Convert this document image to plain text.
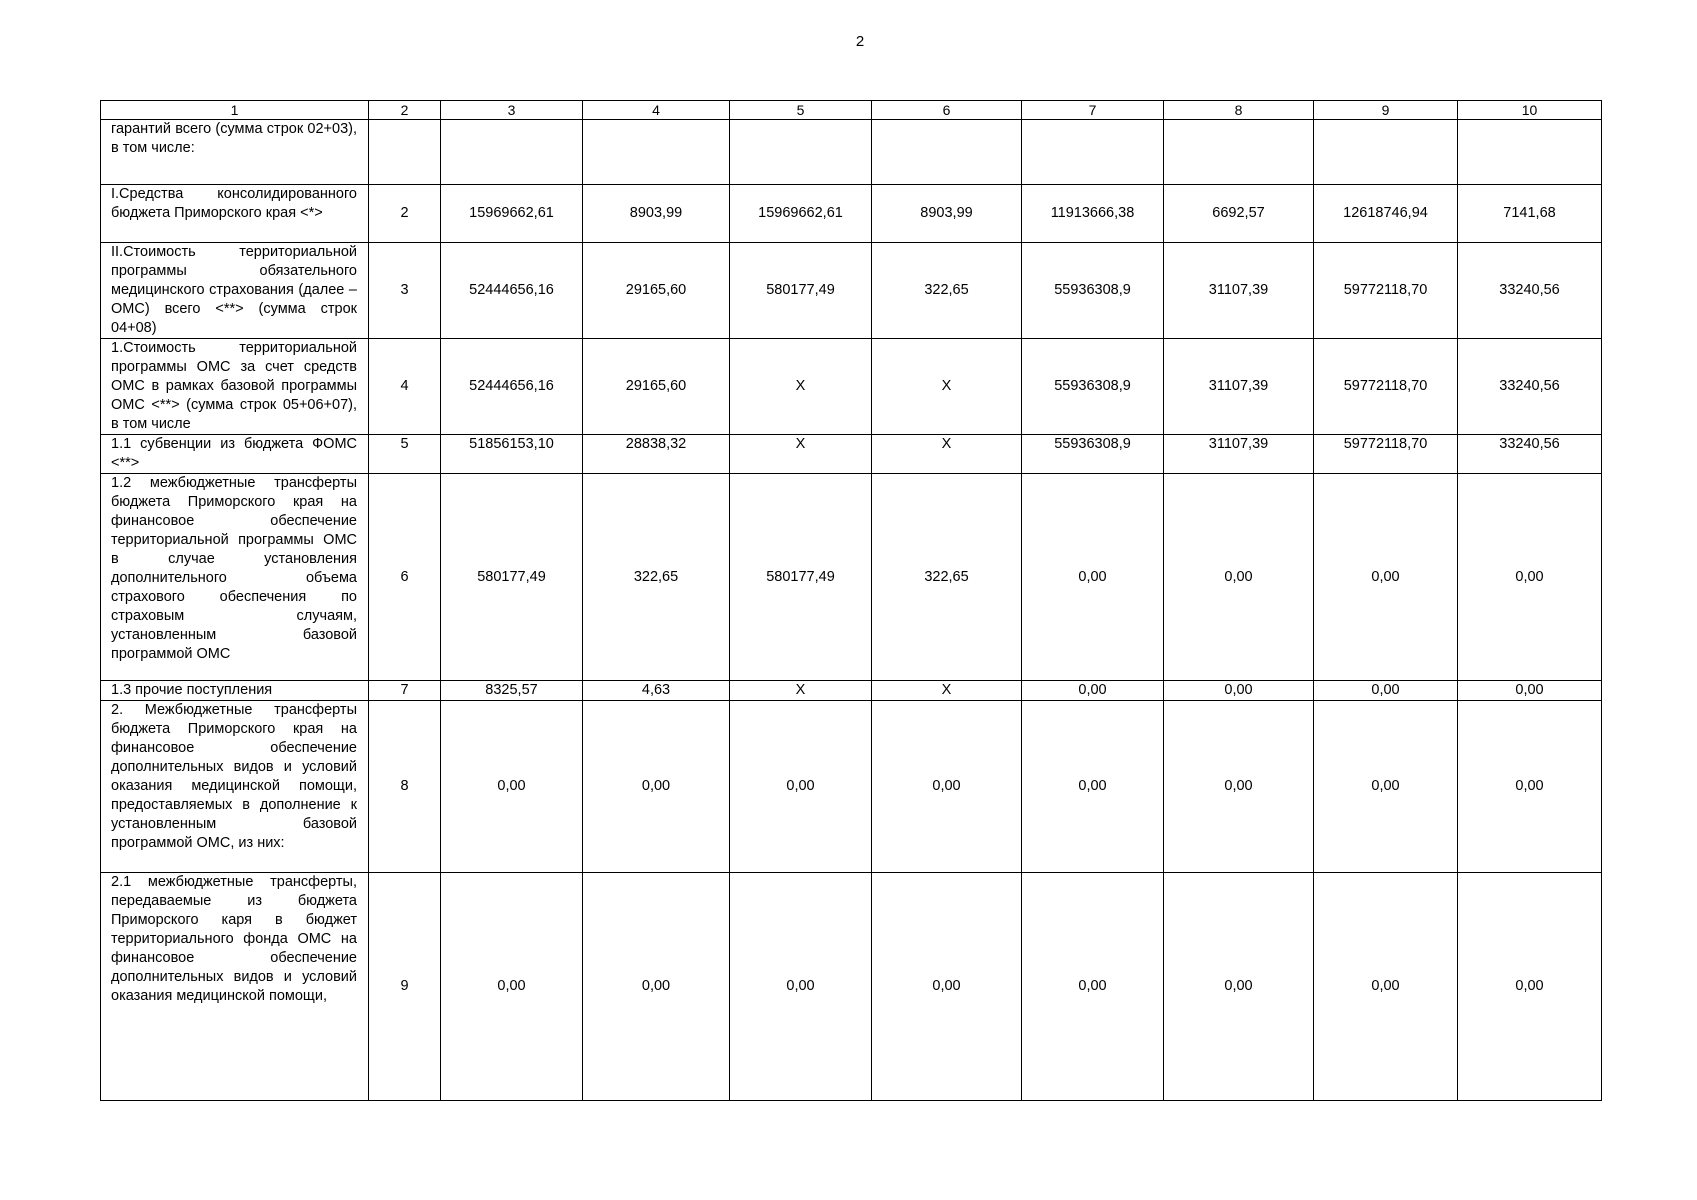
2
1	2	3	4	5	6	7	8	9	10
гарантий всего (сумма строк 02+03), в том числе:									
I.Средства консолидированного бюджета Приморского края <*>	2	15969662,61	8903,99	15969662,61	8903,99	11913666,38	6692,57	12618746,94	7141,68
II.Стоимость территориальной программы обязательного медицинского страхования (далее – ОМС) всего <**> (сумма строк 04+08)	3	52444656,16	29165,60	580177,49	322,65	55936308,9	31107,39	59772118,70	33240,56
1.Стоимость территориальной программы ОМС за счет средств ОМС в рамках базовой программы ОМС <**> (сумма строк 05+06+07), в том числе	4	52444656,16	29165,60	X	X	55936308,9	31107,39	59772118,70	33240,56
1.1 субвенции из бюджета ФОМС <**>	5	51856153,10	28838,32	X	X	55936308,9	31107,39	59772118,70	33240,56
1.2 межбюджетные трансферты бюджета Приморского края на финансовое обеспечение территориальной программы ОМС в случае установления дополнительного объема страхового обеспечения по страховым случаям, установленным базовой программой ОМС	6	580177,49	322,65	580177,49	322,65	0,00	0,00	0,00	0,00
1.3 прочие поступления	7	8325,57	4,63	X	X	0,00	0,00	0,00	0,00
2. Межбюджетные трансферты бюджета Приморского края на финансовое обеспечение дополнительных видов и условий оказания медицинской помощи, предоставляемых в дополнение к установленным базовой программой ОМС, из них:	8	0,00	0,00	0,00	0,00	0,00	0,00	0,00	0,00
2.1 межбюджетные трансферты, передаваемые из бюджета Приморского каря в бюджет территориального фонда ОМС на финансовое обеспечение дополнительных видов и условий оказания медицинской помощи,	9	0,00	0,00	0,00	0,00	0,00	0,00	0,00	0,00
